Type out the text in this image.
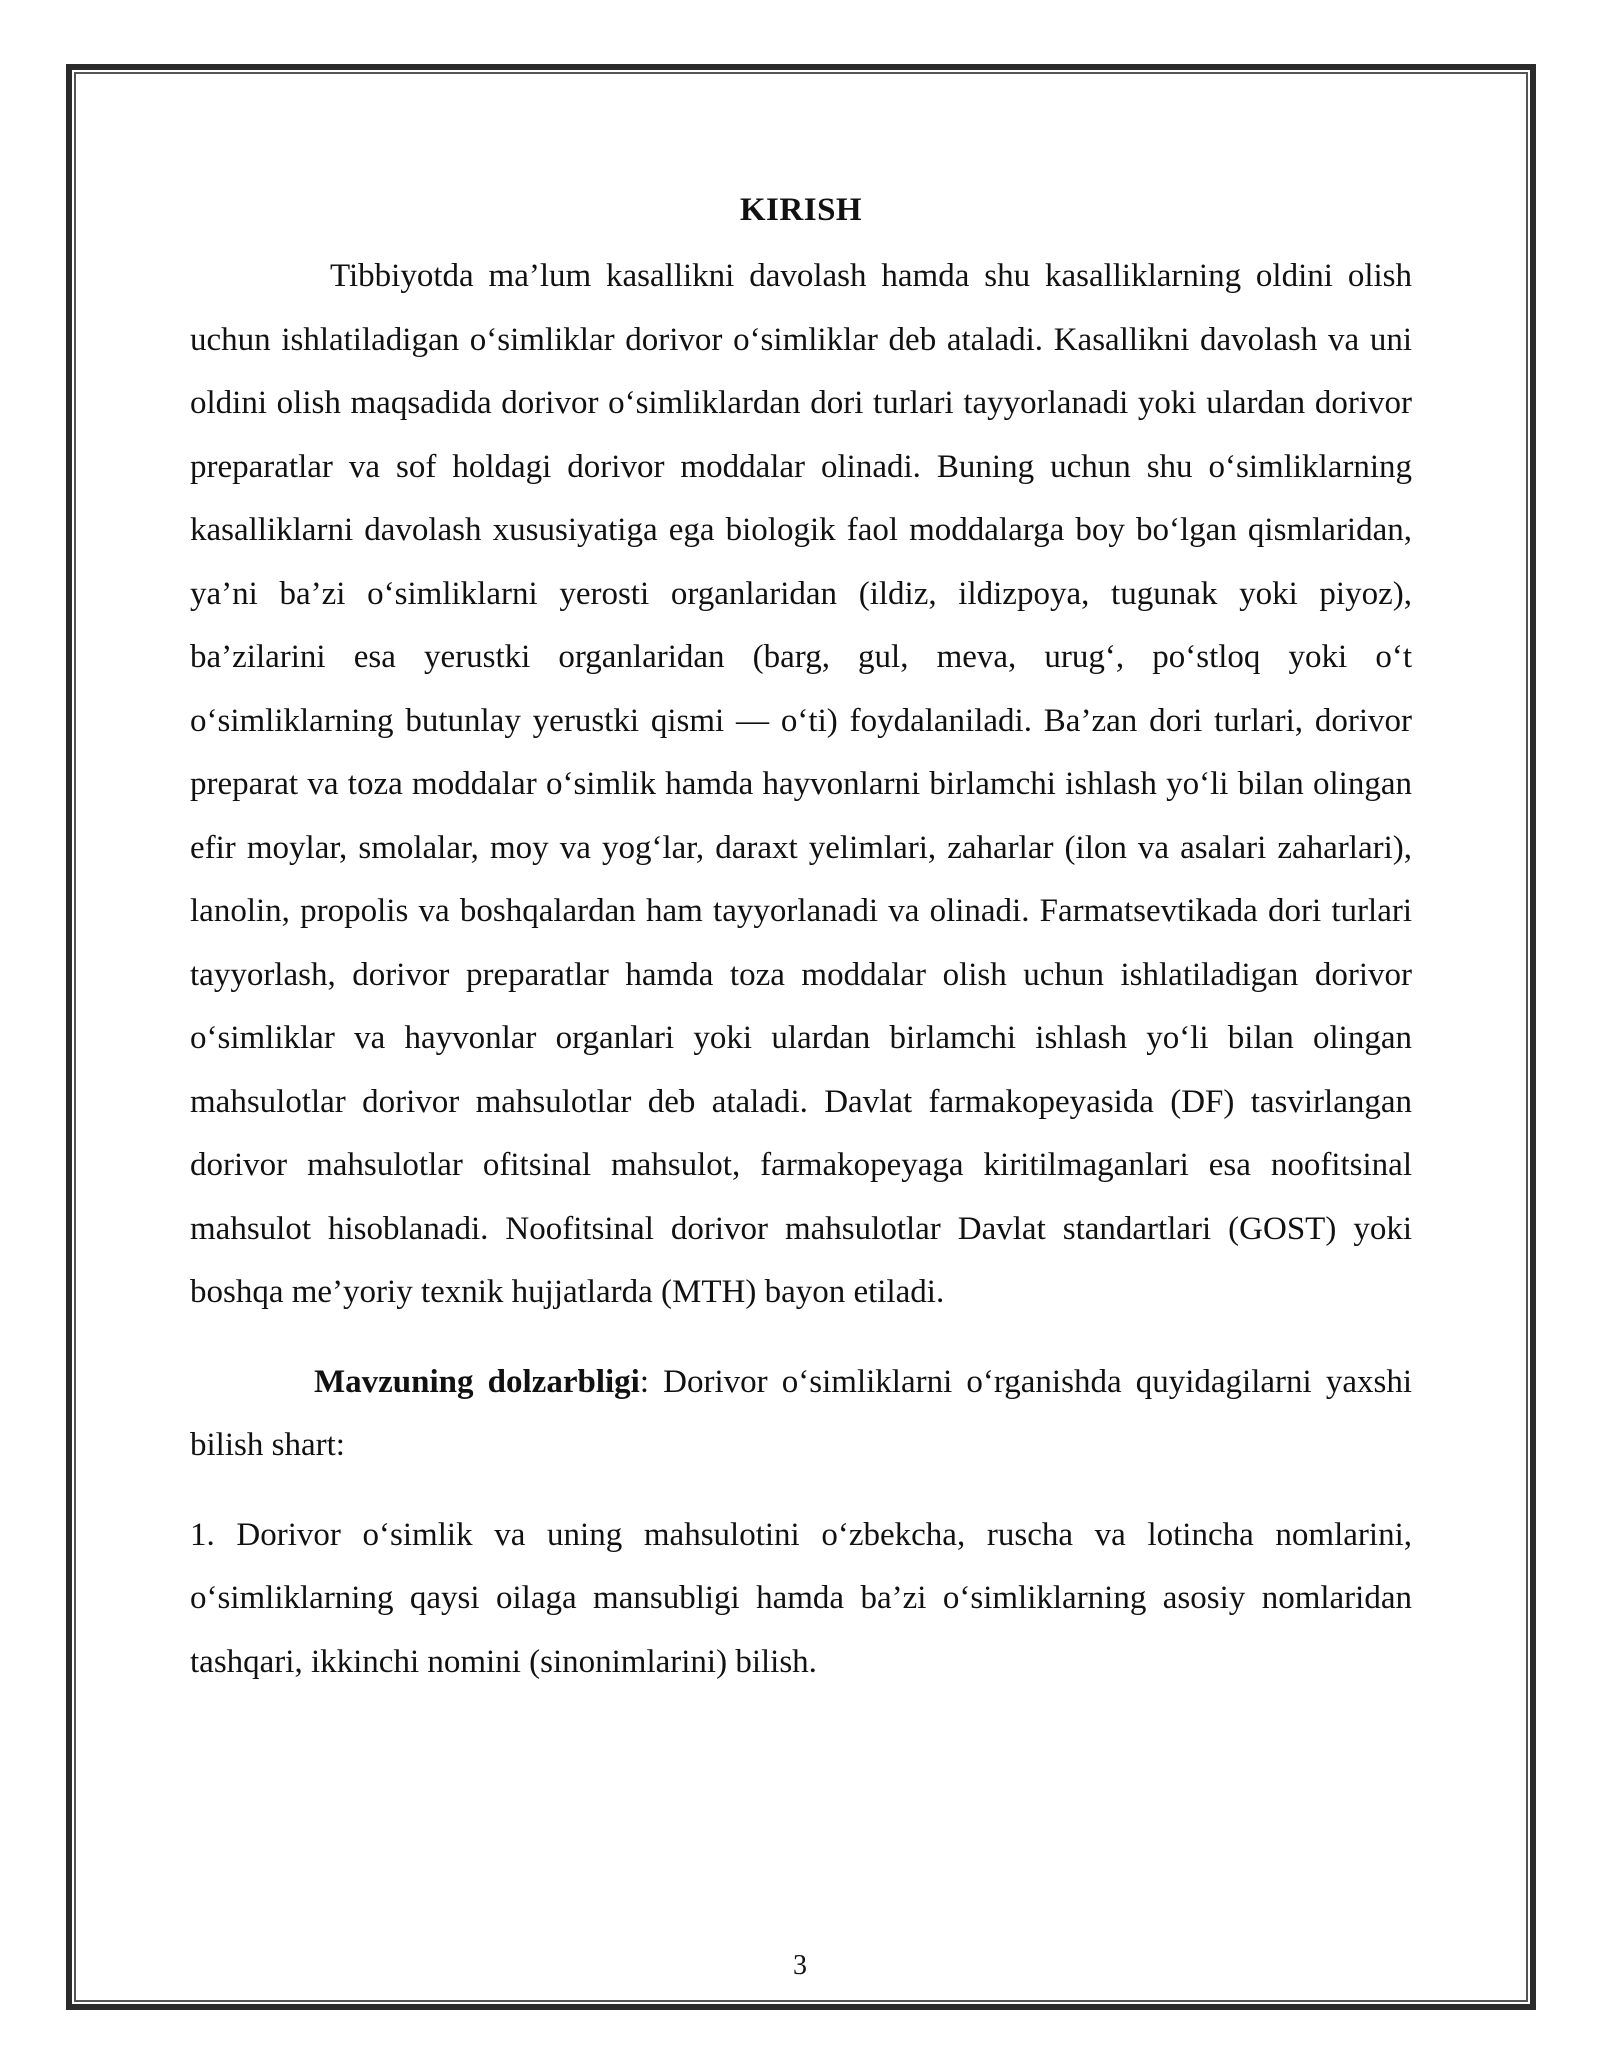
KIRISH

Tibbiyotda ma’lum kasallikni davolash hamda shu kasalliklarning oldini olish uchun ishlatiladigan o‘simliklar dorivor o‘simliklar deb ataladi. Kasallikni davolash va uni oldini olish maqsadida dorivor o‘simliklardan dori turlari tayyorlanadi yoki ulardan dorivor preparatlar va sof holdagi dorivor moddalar olinadi. Buning uchun shu o‘simliklarning kasalliklarni davolash xususiyatiga ega biologik faol moddalarga boy bo‘lgan qismlaridan, ya’ni ba’zi o‘simliklarni yerosti organlaridan (ildiz, ildizpoya, tugunak yoki piyoz), ba’zilarini esa yerustki organlaridan (barg, gul, meva, urug‘, po‘stloq yoki o‘t o‘simliklarning butunlay yerustki qismi — o‘ti) foydalaniladi. Ba’zan dori turlari, dorivor preparat va toza moddalar o‘simlik hamda hayvonlarni birlamchi ishlash yo‘li bilan olingan efir moylar, smolalar, moy va yog‘lar, daraxt yelimlari, zaharlar (ilon va asalari zaharlari), lanolin, propolis va boshqalardan ham tayyorlanadi va olinadi. Farmatsevtikada dori turlari tayyorlash, dorivor preparatlar hamda toza moddalar olish uchun ishlatiladigan dorivor o‘simliklar va hayvonlar organlari yoki ulardan birlamchi ishlash yo‘li bilan olingan mahsulotlar dorivor mahsulotlar deb ataladi. Davlat farmakopeyasida (DF) tasvirlangan dorivor mahsulotlar ofitsinal mahsulot, farmakopeyaga kiritilmaganlari esa noofitsinal mahsulot hisoblanadi. Noofitsinal dorivor mahsulotlar Davlat standartlari (GOST) yoki boshqa me’yoriy texnik hujjatlarda (MTH) bayon etiladi.

Mavzuning dolzarbligi: Dorivor o‘simliklarni o‘rganishda quyidagilarni yaxshi bilish shart:

1. Dorivor o‘simlik va uning mahsulotini o‘zbekcha, ruscha va lotincha nomlarini, o‘simliklarning qaysi oilaga mansubligi hamda ba’zi o‘simliklarning asosiy nomlaridan tashqari, ikkinchi nomini (sinonimlarini) bilish.

3
